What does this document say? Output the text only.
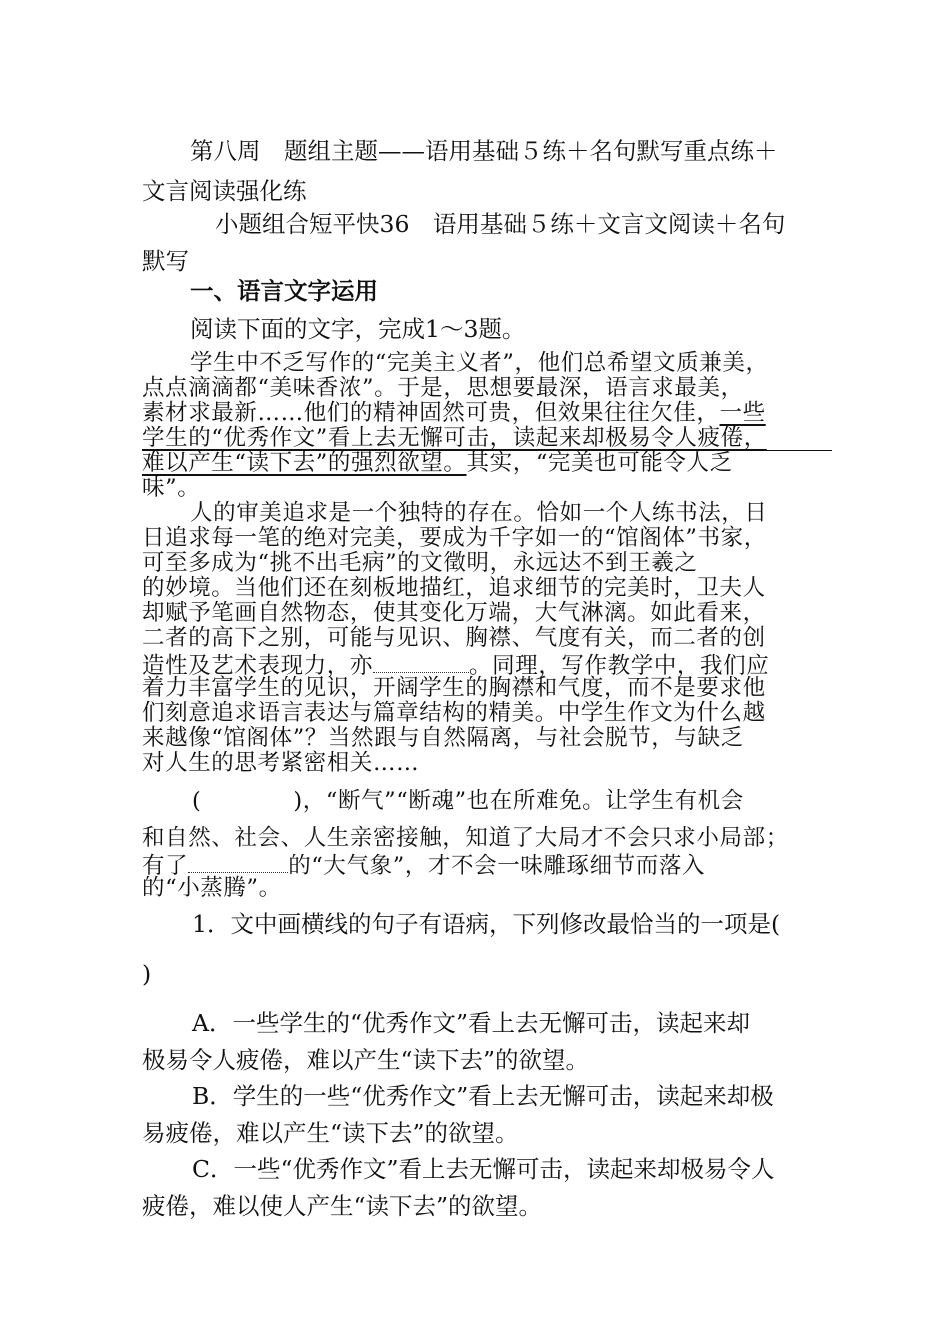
第八周　题组主题——语用基础５练＋名句默写重点练＋
文言阅读强化练
小题组合短平快36　语用基础５练＋文言文阅读＋名句
默写
一、语言文字运用
阅读下面的文字，完成1～3题。
学生中不乏写作的“完美主义者”，他们总希望文质兼美，
点点滴滴都“美味香浓”。于是，思想要最深，语言求最美，
素材求最新……他们的精神固然可贵，但效果往往欠佳，一些
学生的“优秀作文”看上去无懈可击，读起来却极易令人疲倦，
难以产生“读下去”的强烈欲望。其实，“完美也可能令人乏
味”。
人的审美追求是一个独特的存在。恰如一个人练书法，日
日追求每一笔的绝对完美，要成为千字如一的“馆阁体”书家，
可至多成为“挑不出毛病”的文徵明，永远达不到王羲之
的妙境。当他们还在刻板地描红，追求细节的完美时，卫夫人
却赋予笔画自然物态，使其变化万端，大气淋漓。如此看来，
二者的高下之别，可能与见识、胸襟、气度有关，而二者的创
造性及艺术表现力，亦	。同理，写作教学中，我们应
着力丰富学生的见识，开阔学生的胸襟和气度，而不是要求他
们刻意追求语言表达与篇章结构的精美。中学生作文为什么越
来越像“馆阁体”？当然跟与自然隔离，与社会脱节，与缺乏
对人生的思考紧密相关……
(	)，“断气”“断魂”也在所难免。让学生有机会
和自然、社会、人生亲密接触，知道了大局才不会只求小局部；
有了	的“大气象”，才不会一味雕琢细节而落入
的“小蒸腾”。
1．文中画横线的句子有语病，下列修改最恰当的一项是(
)
A．一些学生的“优秀作文”看上去无懈可击，读起来却
极易令人疲倦，难以产生“读下去”的欲望。
B．学生的一些“优秀作文”看上去无懈可击，读起来却极
易疲倦，难以产生“读下去”的欲望。
C．一些“优秀作文”看上去无懈可击，读起来却极易令人
疲倦，难以使人产生“读下去”的欲望。
